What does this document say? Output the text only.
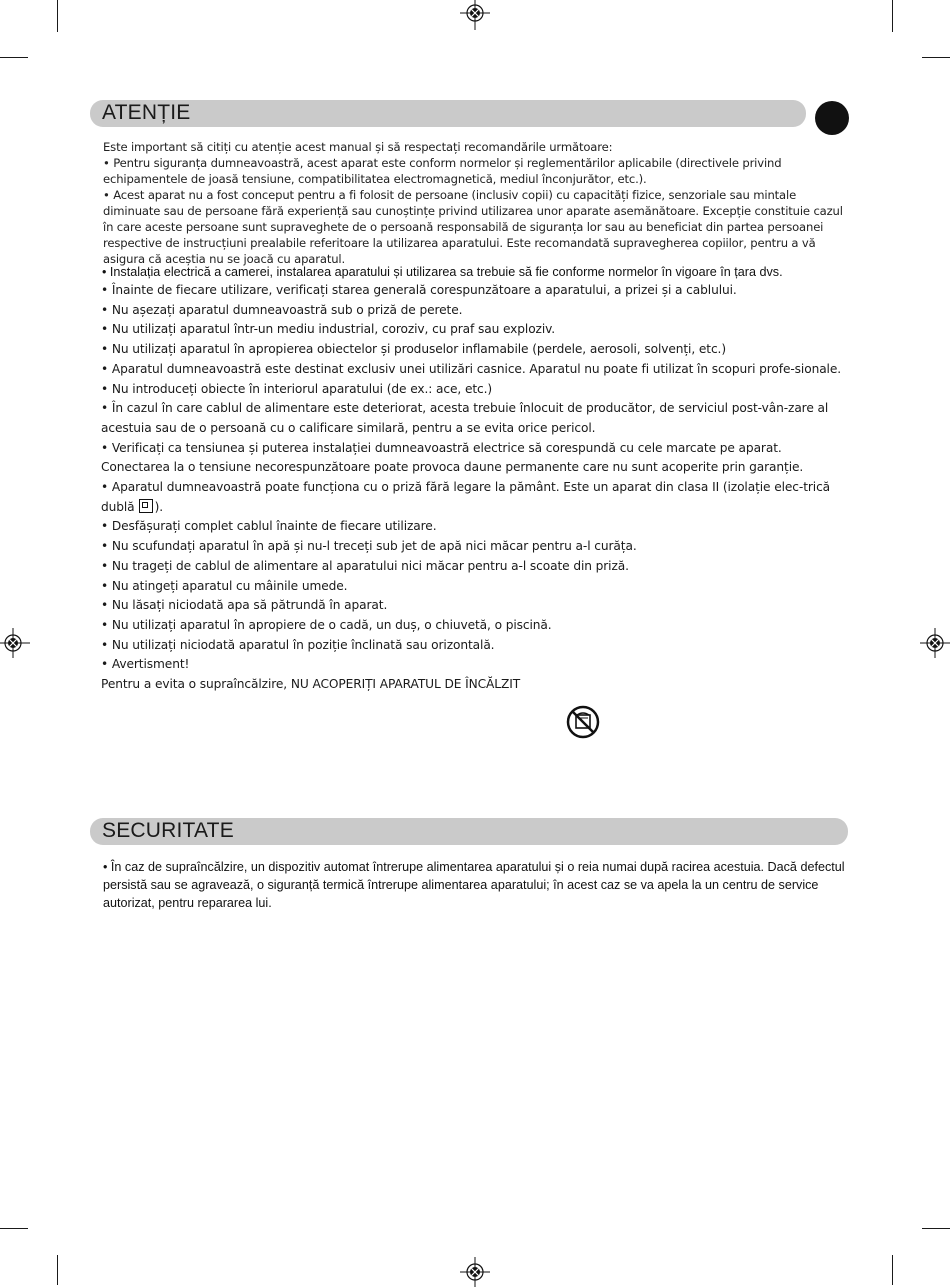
ATENȚIE

Este important să citiți cu atenție acest manual și să respectați recomandările următoare:

• Pentru siguranța dumneavoastră, acest aparat este conform normelor și reglementărilor aplicabile (directivele privind echipamentele de joasă tensiune, compatibilitatea electromagnetică, mediul înconjurător, etc.).

• Acest aparat nu a fost conceput pentru a fi folosit de persoane (inclusiv copii) cu capacități fizice, senzoriale sau mintale diminuate sau de persoane fără experiență sau cunoștințe privind utilizarea unor aparate asemănătoare. Excepție constituie cazul în care aceste persoane sunt supraveghete de o persoană responsabilă de siguranța lor sau au beneficiat din partea persoanei respective de instrucțiuni prealabile referitoare la utilizarea aparatului. Este recomandată supravegherea copiilor, pentru a vă asigura că aceștia nu se joacă cu aparatul.

• Instalația electrică a camerei, instalarea aparatului și utilizarea sa trebuie să fie conforme normelor în vigoare în țara dvs.

• Înainte de fiecare utilizare, verificați starea generală corespunzătoare a aparatului, a prizei și a cablului.

• Nu așezați aparatul dumneavoastră sub o priză de perete.

• Nu utilizați aparatul într-un mediu industrial, coroziv, cu praf sau exploziv.

• Nu utilizați aparatul în apropierea obiectelor și produselor inflamabile (perdele, aerosoli, solvenți, etc.)

• Aparatul dumneavoastră este destinat exclusiv unei utilizări casnice. Aparatul nu poate fi utilizat în scopuri profe-sionale.

• Nu introduceți obiecte în interiorul aparatului (de ex.: ace, etc.)

• În cazul în care cablul de alimentare este deteriorat, acesta trebuie înlocuit de producător, de serviciul post-vân-zare al acestuia sau de o persoană cu o calificare similară, pentru a se evita orice pericol.

• Verificați ca tensiunea și puterea instalației dumneavoastră electrice să corespundă cu cele marcate pe aparat. Conectarea la o tensiune necorespunzătoare poate provoca daune permanente care nu sunt acoperite prin garanție.

• Aparatul dumneavoastră poate funcționa cu o priză fără legare la pământ. Este un aparat din clasa II (izolație elec-trică dublă ).

• Desfășurați complet cablul înainte de fiecare utilizare.

• Nu scufundați aparatul în apă și nu-l treceți sub jet de apă nici măcar pentru a-l curăța.

• Nu trageți de cablul de alimentare al aparatului nici măcar pentru a-l scoate din priză.

• Nu atingeți aparatul cu mâinile umede.

• Nu lăsați niciodată apa să pătrundă în aparat.

• Nu utilizați aparatul în apropiere de o cadă, un duș, o chiuvetă, o piscină.

• Nu utilizați niciodată aparatul în poziție înclinată sau orizontală.

• Avertisment!

Pentru a evita o supraîncălzire, NU ACOPERIȚI APARATUL DE ÎNCĂLZIT

SECURITATE
• În caz de supraîncălzire, un dispozitiv automat întrerupe alimentarea aparatului și o reia numai după racirea acestuia. Dacă defectul persistă sau se agravează, o siguranță termică întrerupe alimentarea aparatului; în acest caz se va apela la un centru de service autorizat, pentru repararea lui.
